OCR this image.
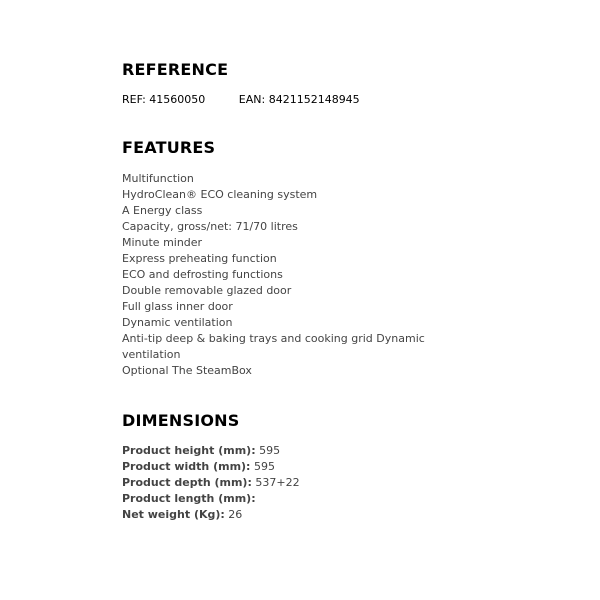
REFERENCE
REF: 41560050	EAN: 8421152148945
FEATURES
Multifunction
HydroClean® ECO cleaning system
A Energy class
Capacity, gross/net: 71/70 litres
Minute minder
Express preheating function
ECO and defrosting functions
Double removable glazed door
Full glass inner door
Dynamic ventilation
Anti-tip deep & baking trays and cooking grid Dynamic ventilation
Optional The SteamBox
DIMENSIONS
Product height (mm): 595
Product width (mm): 595
Product depth (mm): 537+22
Product length (mm):
Net weight (Kg): 26
